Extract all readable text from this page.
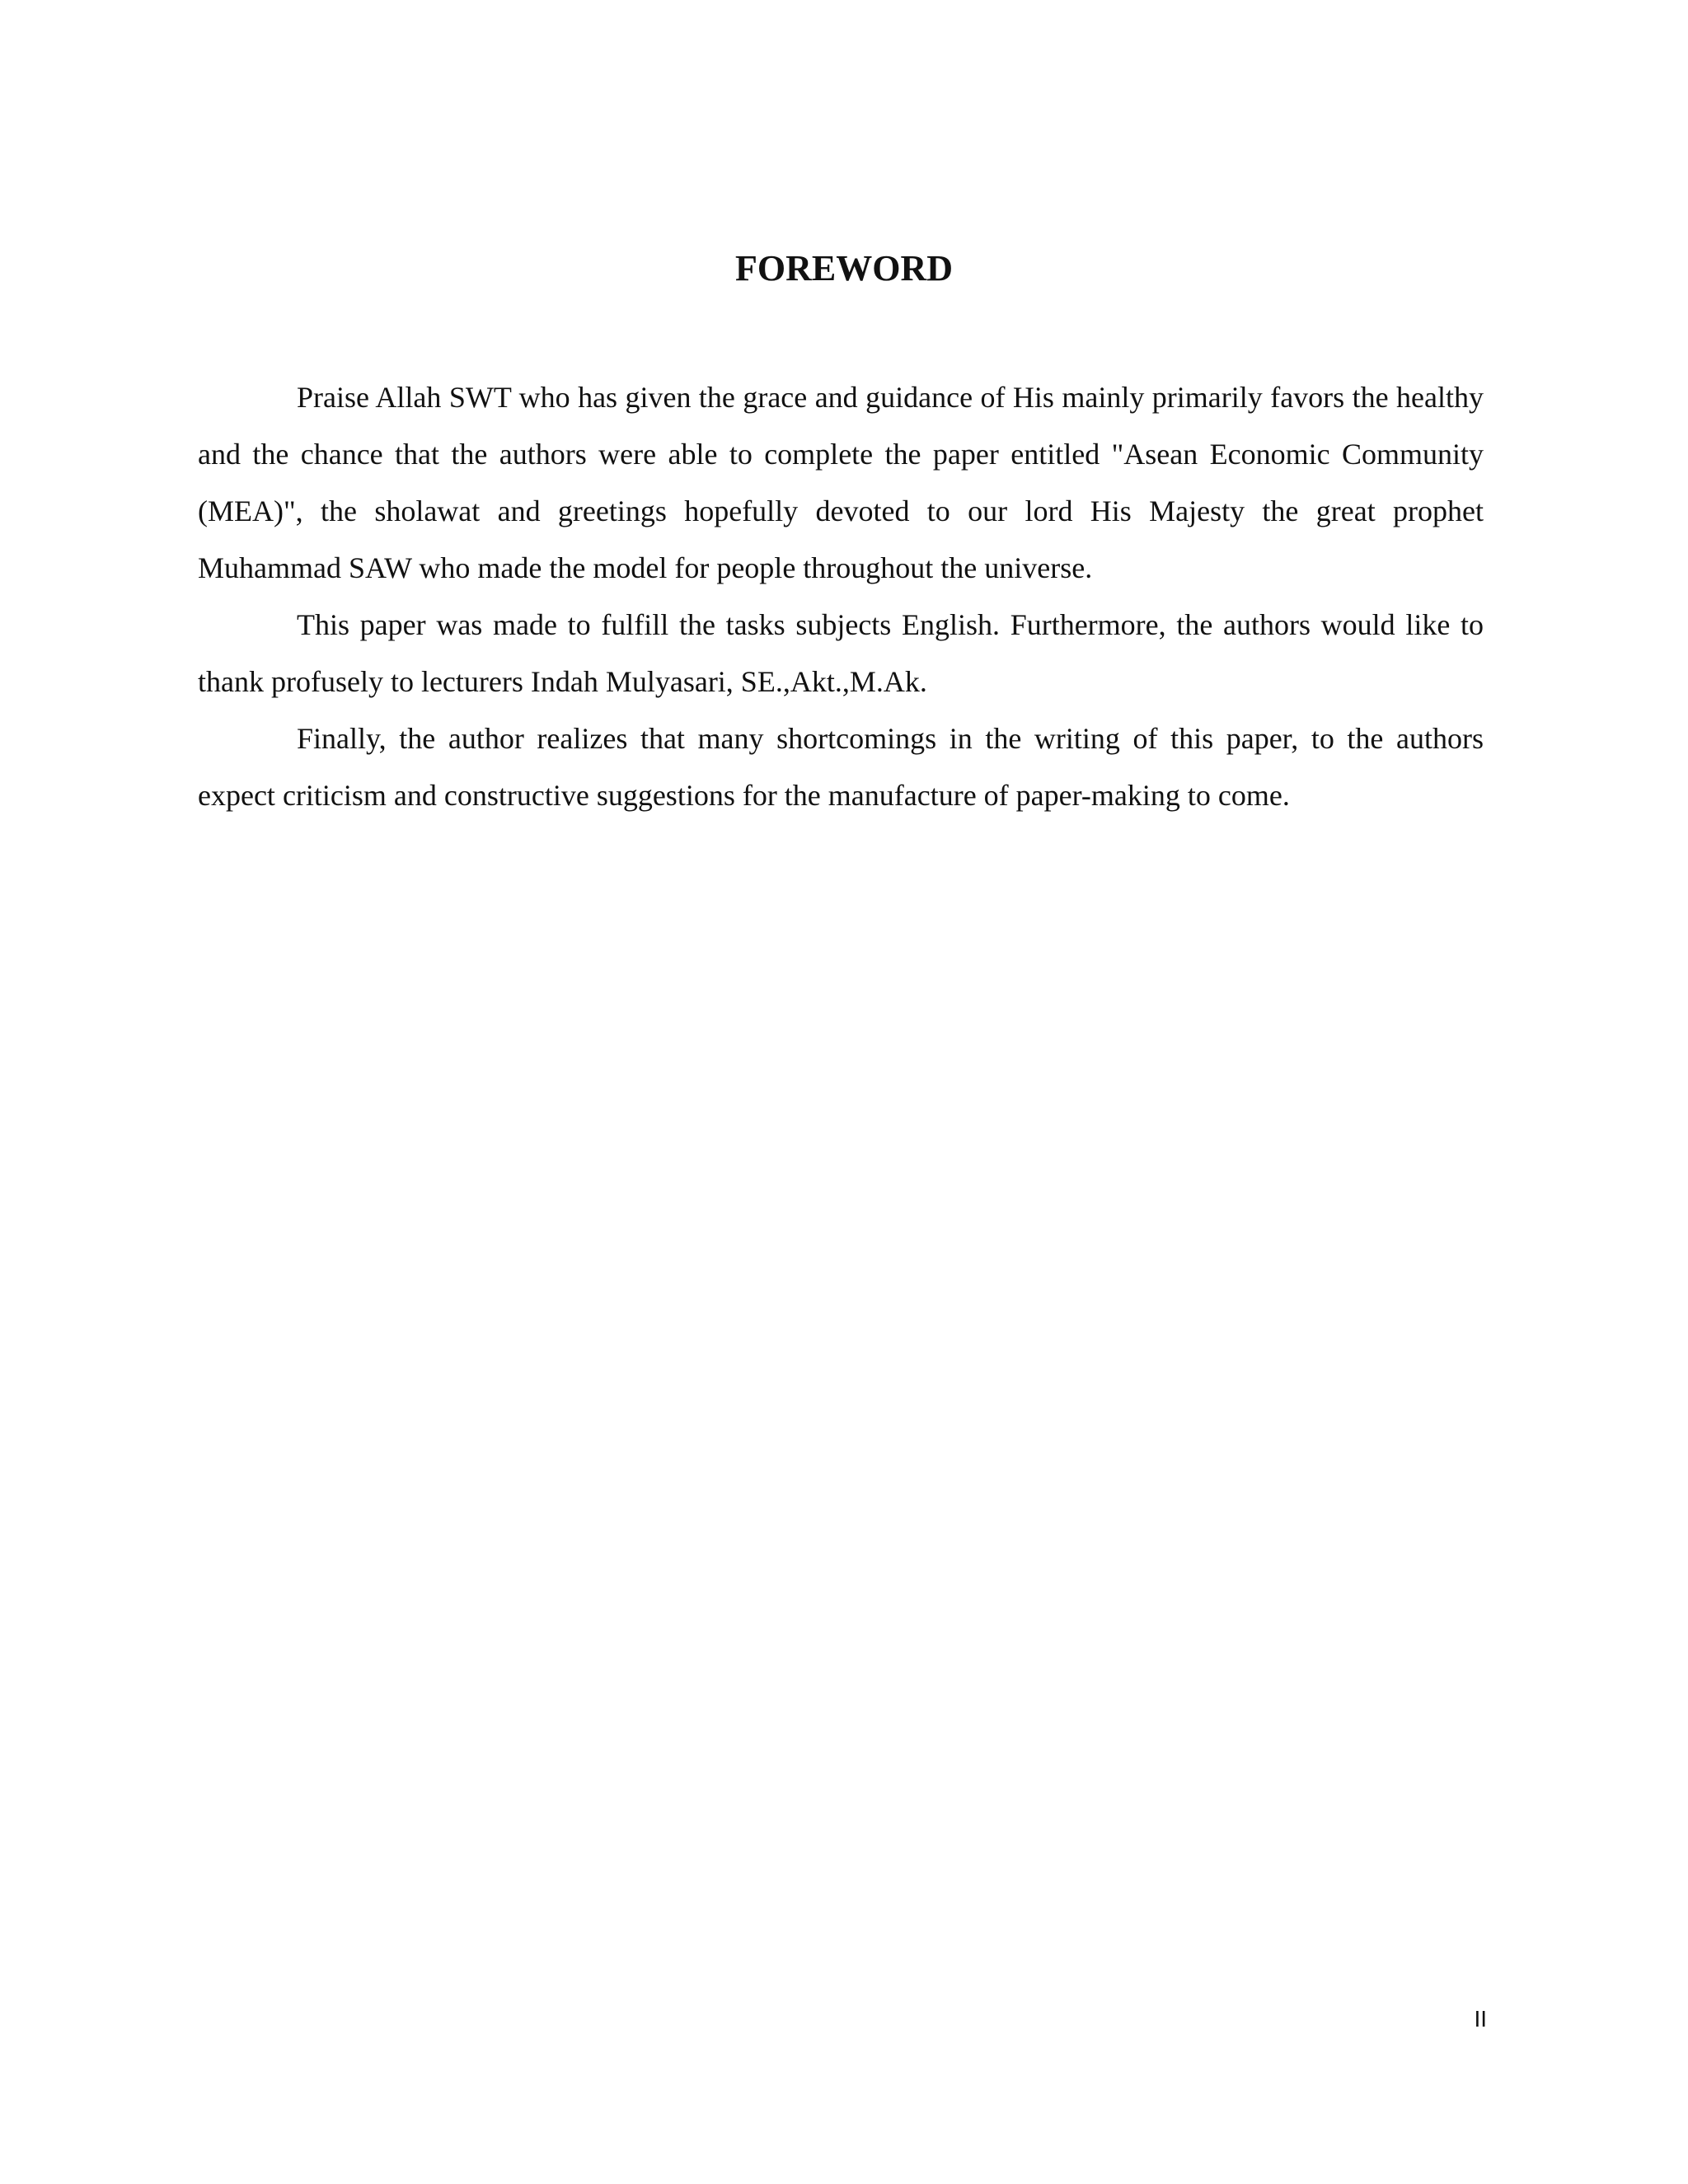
FOREWORD

Praise Allah SWT who has given the grace and guidance of His mainly primarily favors the healthy and the chance that the authors were able to complete the paper entitled "Asean Economic Community (MEA)", the sholawat and greetings hopefully devoted to our lord His Majesty the great prophet Muhammad SAW who made the model for people throughout the universe.

This paper was made to fulfill the tasks subjects English. Furthermore, the authors would like to thank profusely to lecturers Indah Mulyasari, SE.,Akt.,M.Ak.

Finally, the author realizes that many shortcomings in the writing of this paper, to the authors expect criticism and constructive suggestions for the manufacture of paper-making to come.

II
